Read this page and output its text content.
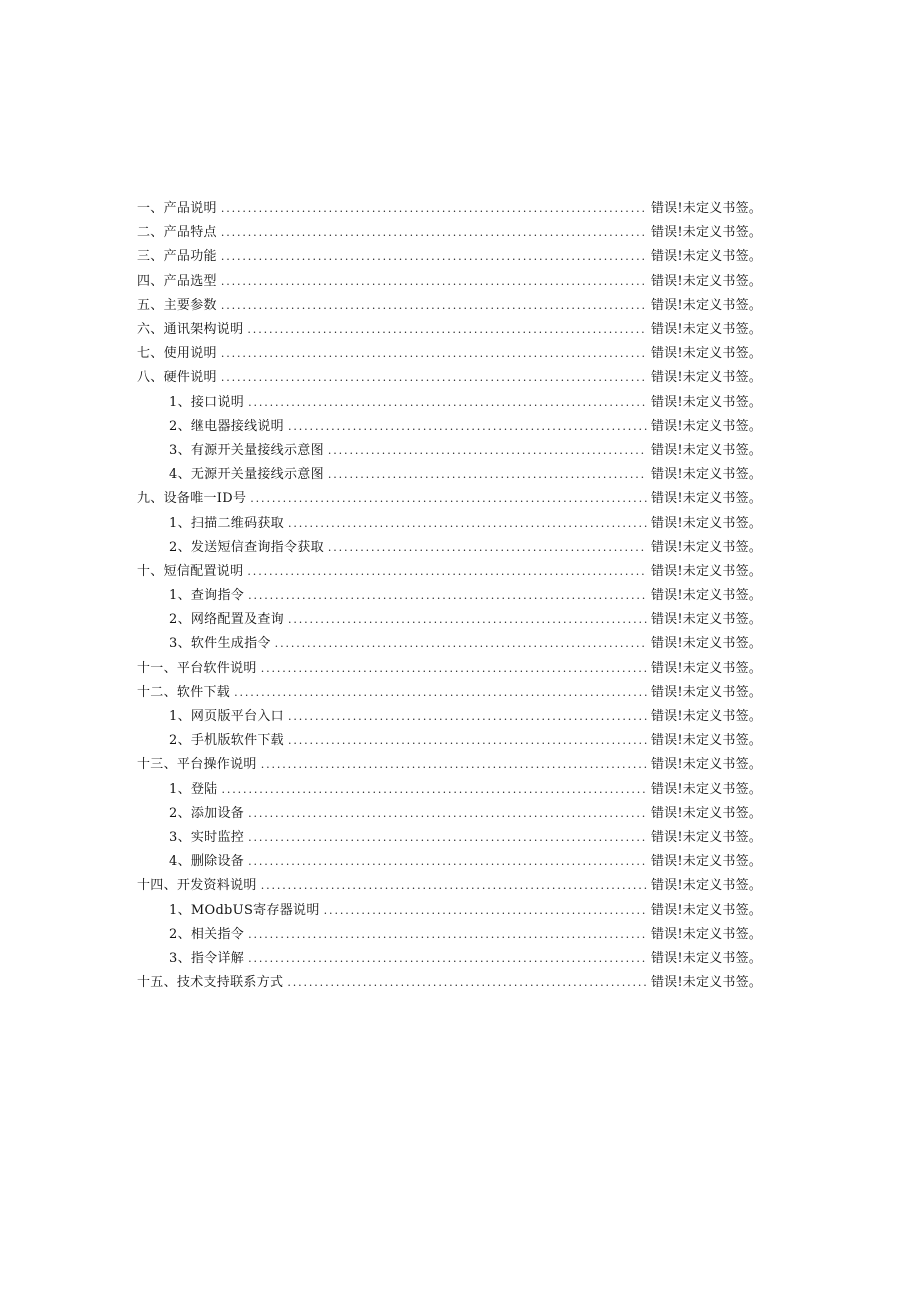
一、产品说明 . . .	错误!未定义书签。
二、产品特点 . . .	错误!未定义书签。
三、产品功能 . . .	错误!未定义书签。
四、产品选型 . . .	错误!未定义书签。
五、主要参数 . . .	错误!未定义书签。
六、通讯架构说明 . . .	错误!未定义书签。
七、使用说明 . . .	错误!未定义书签。
八、硬件说明 . . .	错误!未定义书签。
1、接口说明 . . .	错误!未定义书签。
2、继电器接线说明 . . .	错误!未定义书签。
3、有源开关量接线示意图 . . .	错误!未定义书签。
4、无源开关量接线示意图 . . .	错误!未定义书签。
九、设备唯一ID号 . . .	错误!未定义书签。
1、扫描二维码获取 . . .	错误!未定义书签。
2、发送短信查询指令获取 . . .	错误!未定义书签。
十、短信配置说明 . . .	错误!未定义书签。
1、查询指令 . . .	错误!未定义书签。
2、网络配置及查询 . . .	错误!未定义书签。
3、软件生成指令 . . .	错误!未定义书签。
十一、平台软件说明 . . .	错误!未定义书签。
十二、软件下载 . . .	错误!未定义书签。
1、网页版平台入口 . . .	错误!未定义书签。
2、手机版软件下载 . . .	错误!未定义书签。
十三、平台操作说明 . . .	错误!未定义书签。
1、登陆 . . .	错误!未定义书签。
2、添加设备 . . .	错误!未定义书签。
3、实时监控 . . .	错误!未定义书签。
4、删除设备 . . .	错误!未定义书签。
十四、开发资料说明 . . .	错误!未定义书签。
1、MOdbUS寄存器说明 . . .	错误!未定义书签。
2、相关指令 . . .	错误!未定义书签。
3、指令详解 . . .	错误!未定义书签。
十五、技术支持联系方式 . . .	错误!未定义书签。
